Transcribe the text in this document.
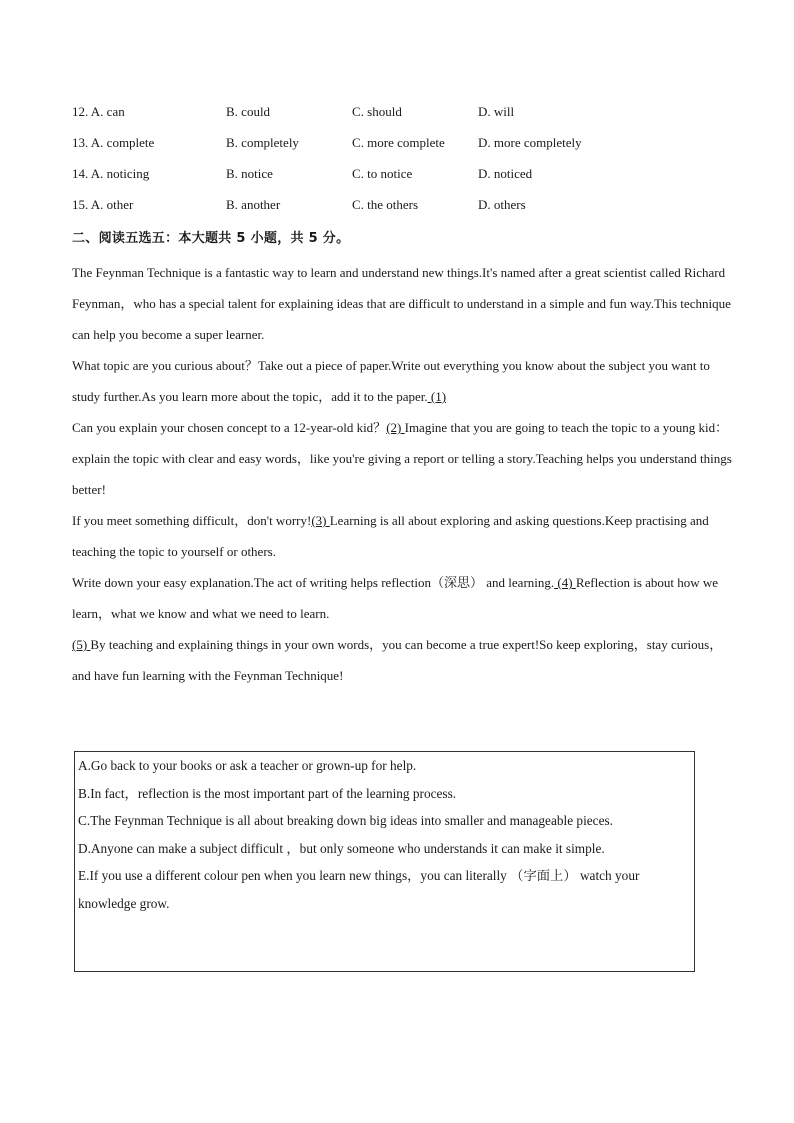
12. A. can	B. could	C. should	D. will
13. A. complete	B. completely	C. more complete	D. more completely
14. A. noticing	B. notice	C. to notice	D. noticed
15. A. other	B. another	C. the others	D. others
二、阅读五选五：本大题共 5 小题，共 5 分。

The Feynman Technique is a fantastic way to learn and understand new things.It's named after a great scientist called Richard Feynman，who has a special talent for explaining ideas that are difficult to understand in a simple and fun way.This technique can help you become a super learner.

What topic are you curious about？Take out a piece of paper.Write out everything you know about the subject you want to study further.As you learn more about the topic，add it to the paper. (1)

Can you explain your chosen concept to a 12-year-old kid？(2) Imagine that you are going to teach the topic to a young kid：explain the topic with clear and easy words，like you're giving a report or telling a story.Teaching helps you understand things better!

If you meet something difficult，don't worry!(3) Learning is all about exploring and asking questions.Keep practising and teaching the topic to yourself or others.

Write down your easy explanation.The act of writing helps reflection（深思） and learning. (4) Reflection is about how we learn，what we know and what we need to learn.

(5) By teaching and explaining things in your own words，you can become a true expert!So keep exploring，stay curious，and have fun learning with the Feynman Technique!

A.Go back to your books or ask a teacher or grown-up for help.

B.In fact，reflection is the most important part of the learning process.

C.The Feynman Technique is all about breaking down big ideas into smaller and manageable pieces.

D.Anyone can make a subject difficult ，but only someone who understands it can make it simple.

E.If you use a different colour pen when you learn new things，you can literally （字面上） watch your knowledge grow.
